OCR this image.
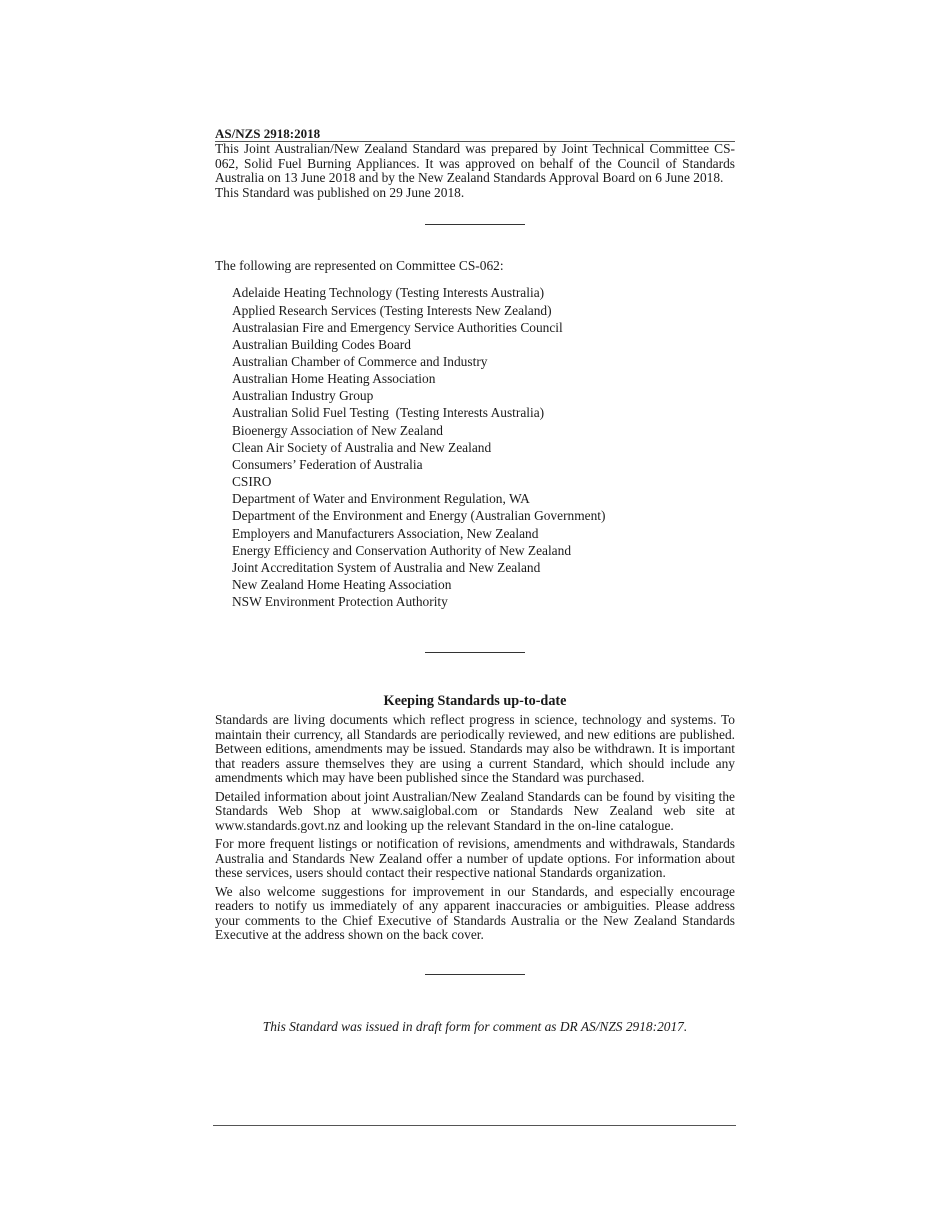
AS/NZS 2918:2018

This Joint Australian/New Zealand Standard was prepared by Joint Technical Committee CS-062, Solid Fuel Burning Appliances. It was approved on behalf of the Council of Standards Australia on 13 June 2018 and by the New Zealand Standards Approval Board on 6 June 2018.

This Standard was published on 29 June 2018.

The following are represented on Committee CS-062:

Adelaide Heating Technology (Testing Interests Australia)
Applied Research Services (Testing Interests New Zealand)
Australasian Fire and Emergency Service Authorities Council
Australian Building Codes Board
Australian Chamber of Commerce and Industry
Australian Home Heating Association
Australian Industry Group
Australian Solid Fuel Testing  (Testing Interests Australia)
Bioenergy Association of New Zealand
Clean Air Society of Australia and New Zealand
Consumers’ Federation of Australia
CSIRO
Department of Water and Environment Regulation, WA
Department of the Environment and Energy (Australian Government)
Employers and Manufacturers Association, New Zealand
Energy Efficiency and Conservation Authority of New Zealand
Joint Accreditation System of Australia and New Zealand
New Zealand Home Heating Association
NSW Environment Protection Authority

Keeping Standards up-to-date

Standards are living documents which reflect progress in science, technology and systems. To maintain their currency, all Standards are periodically reviewed, and new editions are published. Between editions, amendments may be issued. Standards may also be withdrawn. It is important that readers assure themselves they are using a current Standard, which should include any amendments which may have been published since the Standard was purchased.

Detailed information about joint Australian/New Zealand Standards can be found by visiting the Standards Web Shop at www.saiglobal.com or Standards New Zealand web site at www.standards.govt.nz and looking up the relevant Standard in the on-line catalogue.

For more frequent listings or notification of revisions, amendments and withdrawals, Standards Australia and Standards New Zealand offer a number of update options. For information about these services, users should contact their respective national Standards organization.

We also welcome suggestions for improvement in our Standards, and especially encourage readers to notify us immediately of any apparent inaccuracies or ambiguities. Please address your comments to the Chief Executive of Standards Australia or the New Zealand Standards Executive at the address shown on the back cover.

This Standard was issued in draft form for comment as DR AS/NZS 2918:2017.
